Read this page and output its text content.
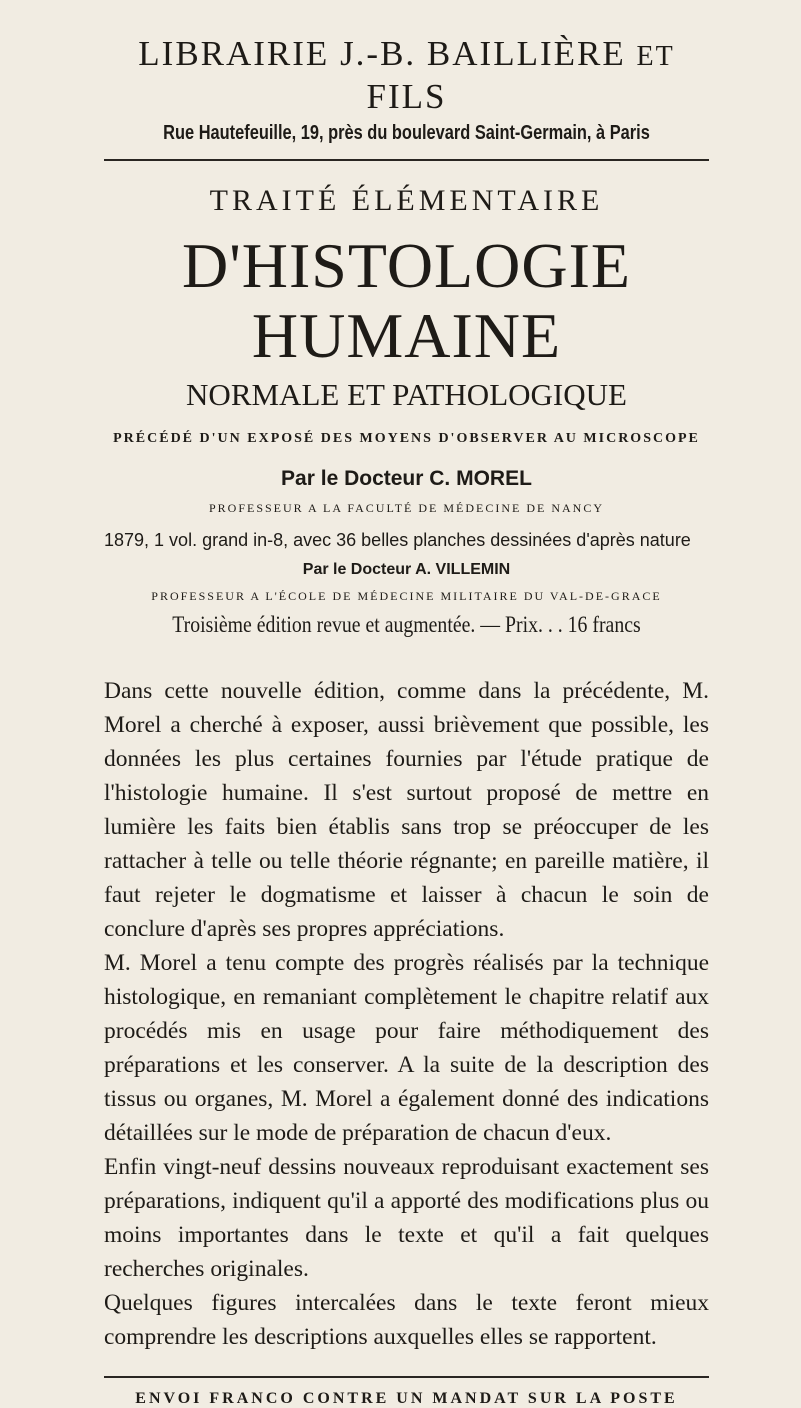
LIBRAIRIE J.-B. BAILLIÈRE ET FILS
Rue Hautefeuille, 19, près du boulevard Saint-Germain, à Paris
TRAITÉ ÉLÉMENTAIRE
D'HISTOLOGIE HUMAINE
NORMALE ET PATHOLOGIQUE
PRÉCÉDÉ D'UN EXPOSÉ DES MOYENS D'OBSERVER AU MICROSCOPE
Par le Docteur C. MOREL
PROFESSEUR A LA FACULTÉ DE MÉDECINE DE NANCY
1879, 1 vol. grand in-8, avec 36 belles planches dessinées d'après nature
Par le Docteur A. VILLEMIN
PROFESSEUR A L'ÉCOLE DE MÉDECINE MILITAIRE DU VAL-DE-GRACE
Troisième édition revue et augmentée. — Prix. . . 16 francs

Dans cette nouvelle édition, comme dans la précédente, M. Morel a cherché à exposer, aussi brièvement que possible, les données les plus certaines fournies par l'étude pratique de l'histologie humaine. Il s'est surtout proposé de mettre en lumière les faits bien établis sans trop se préoccuper de les rattacher à telle ou telle théorie régnante; en pareille matière, il faut rejeter le dogmatisme et laisser à chacun le soin de conclure d'après ses propres appréciations.

M. Morel a tenu compte des progrès réalisés par la technique histologique, en remaniant complètement le chapitre relatif aux procédés mis en usage pour faire méthodiquement des préparations et les conserver. A la suite de la description des tissus ou organes, M. Morel a également donné des indications détaillées sur le mode de préparation de chacun d'eux.

Enfin vingt-neuf dessins nouveaux reproduisant exactement ses préparations, indiquent qu'il a apporté des modifications plus ou moins importantes dans le texte et qu'il a fait quelques recherches originales.

Quelques figures intercalées dans le texte feront mieux comprendre les descriptions auxquelles elles se rapportent.

ENVOI FRANCO CONTRE UN MANDAT SUR LA POSTE
